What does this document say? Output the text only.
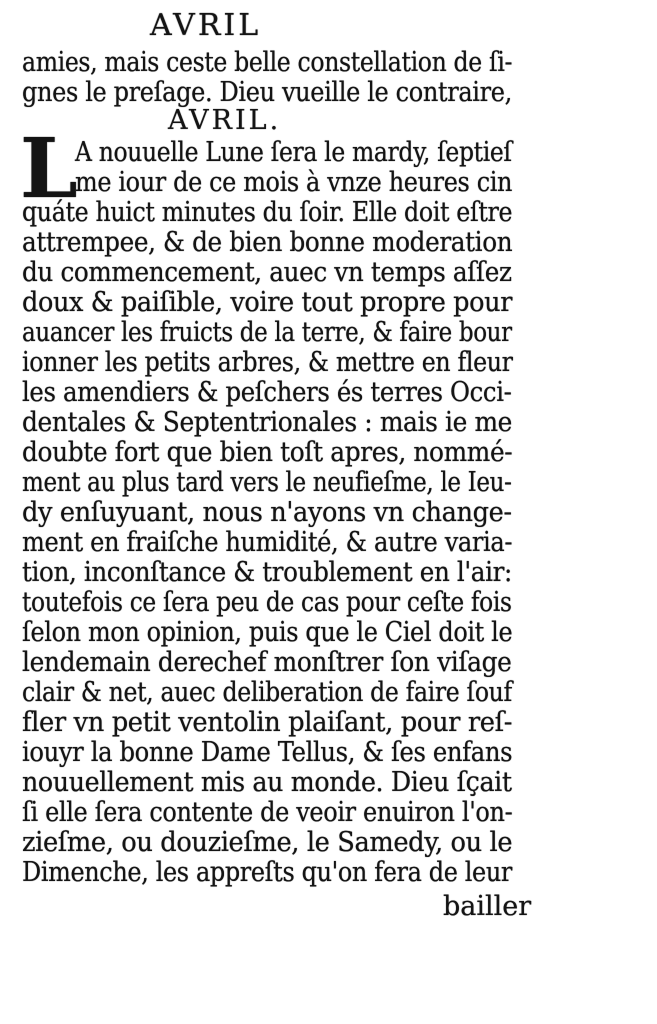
AVRIL
amies, mais ceste belle constellation de ſi-
gnes le preſage. Dieu vueille le contraire,
AVRIL.
L
A nouuelle Lune ſera le mardy, ſeptieſ
me iour de ce mois à vnze heures cin
quáte huict minutes du ſoir. Elle doit eſtre
attrempee, & de bien bonne moderation
du commencement, auec vn temps aſſez
doux & paiſible, voire tout propre pour
auancer les fruicts de la terre, & faire bour
ionner les petits arbres, & mettre en fleur
les amendiers & peſchers és terres Occi-
dentales & Septentrionales : mais ie me
doubte fort que bien toſt apres, nommé-
ment au plus tard vers le neufieſme, le Ieu-
dy enſuyuant, nous n'ayons vn change-
ment en fraiſche humidité, & autre varia-
tion, inconſtance & troublement en l'air:
toutefois ce ſera peu de cas pour ceſte fois
ſelon mon opinion, puis que le Ciel doit le
lendemain derechef monſtrer ſon viſage
clair & net, auec deliberation de faire ſouf
fler vn petit ventolin plaiſant, pour reſ-
iouyr la bonne Dame Tellus, & ſes enfans
nouuellement mis au monde. Dieu ſçait
ſi elle ſera contente de veoir enuiron l'on-
zieſme, ou douzieſme, le Samedy, ou le
Dimenche, les appreſts qu'on fera de leur
bailler
